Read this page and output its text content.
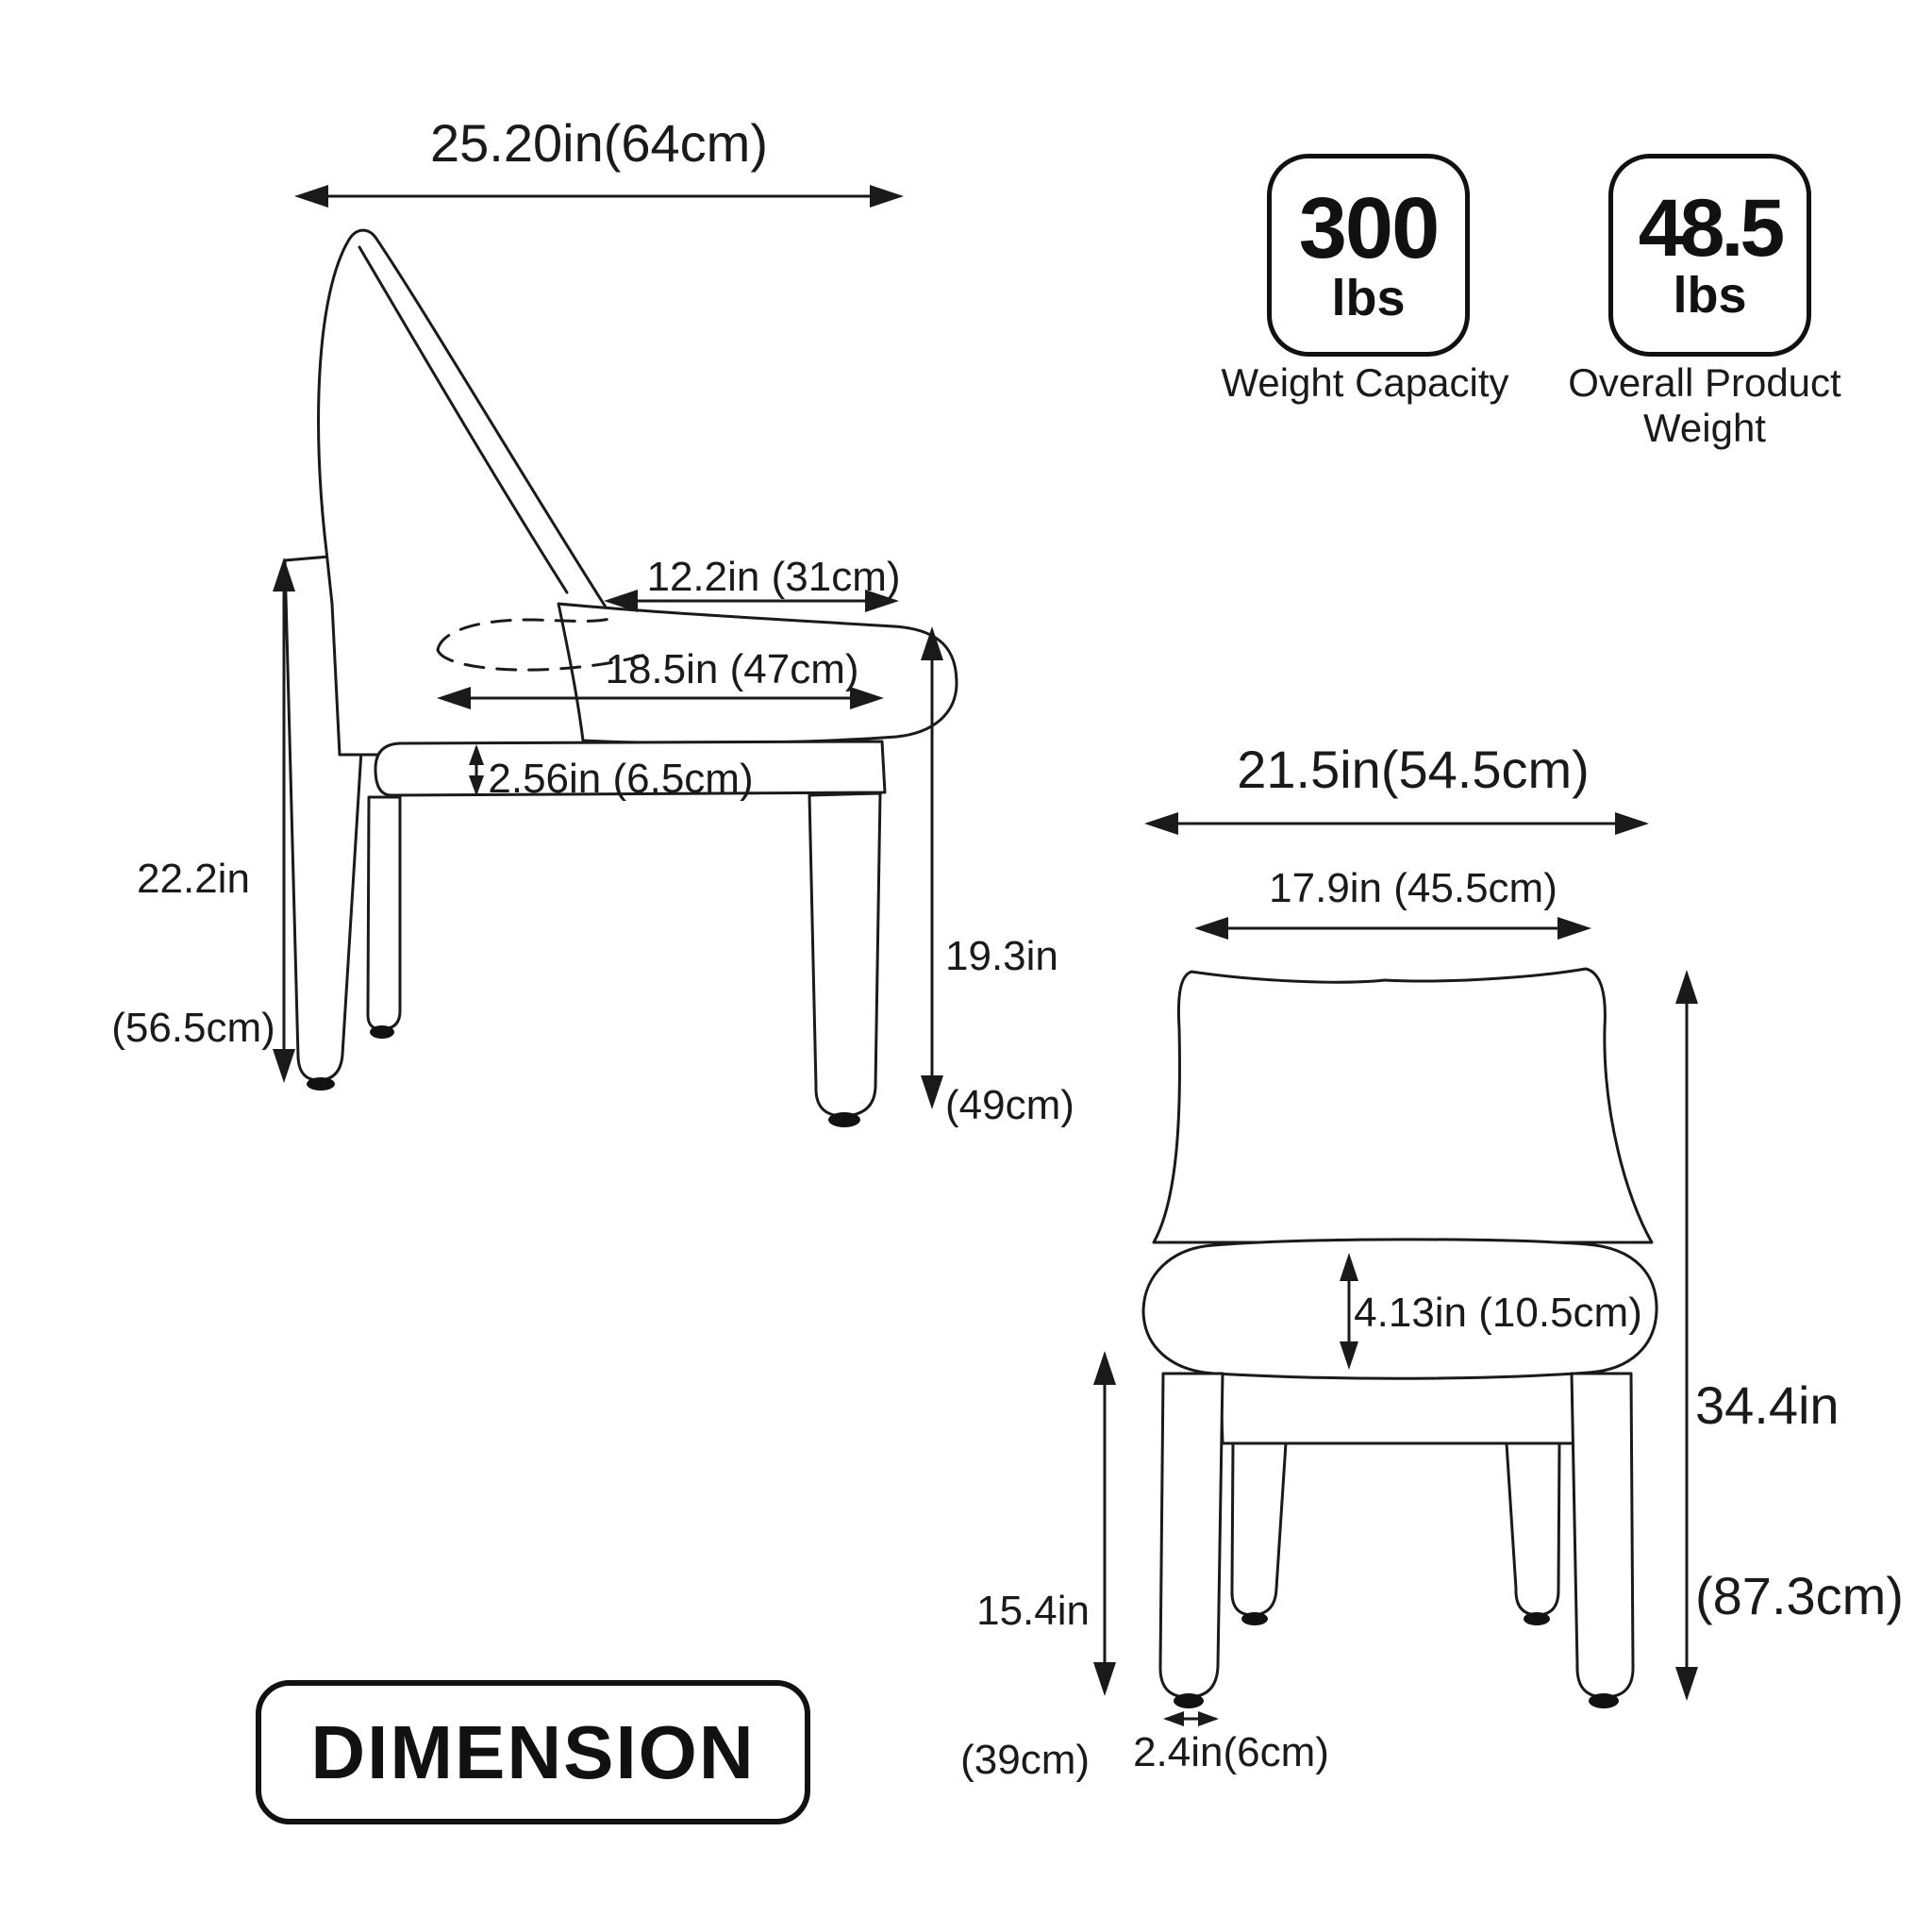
25.20in(64cm)

22.2in

(56.5cm)

12.2in (31cm)
18.5in (47cm)
2.56in (6.5cm)

19.3in

(49cm)

21.5in(54.5cm)
17.9in (45.5cm)
4.13in (10.5cm)

34.4in

(87.3cm)

15.4in

(39cm)

2.4in(6cm)
300
lbs
Weight Capacity
48.5
lbs
Overall Product Weight
DIMENSION
